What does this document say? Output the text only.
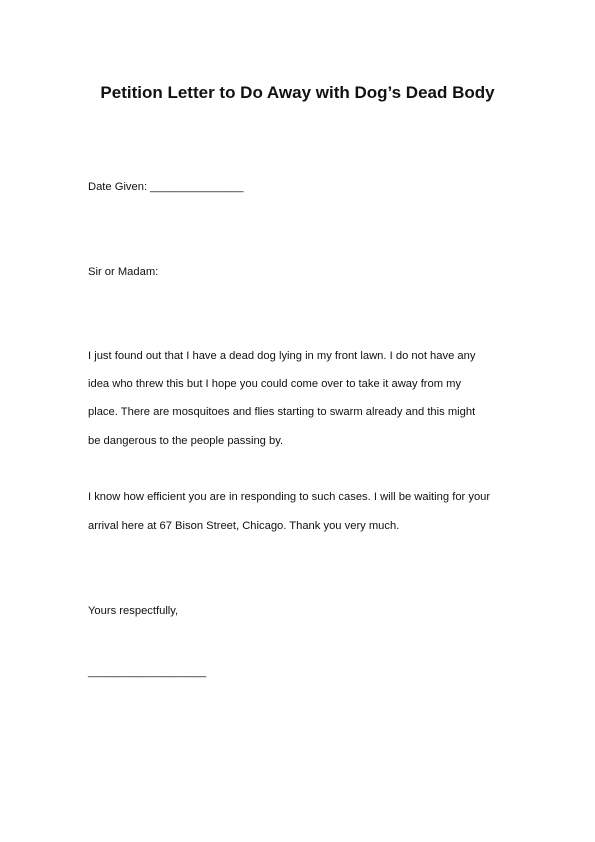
Petition Letter to Do Away with Dog’s Dead Body

Date Given: _______________

Sir or Madam:

I just found out that I have a dead dog lying in my front lawn. I do not have any

idea who threw this but I hope you could come over to take it away from my

place. There are mosquitoes and flies starting to swarm already and this might

be dangerous to the people passing by.

I know how efficient you are in responding to such cases. I will be waiting for your

arrival here at 67 Bison Street, Chicago. Thank you very much.

Yours respectfully,

___________________
